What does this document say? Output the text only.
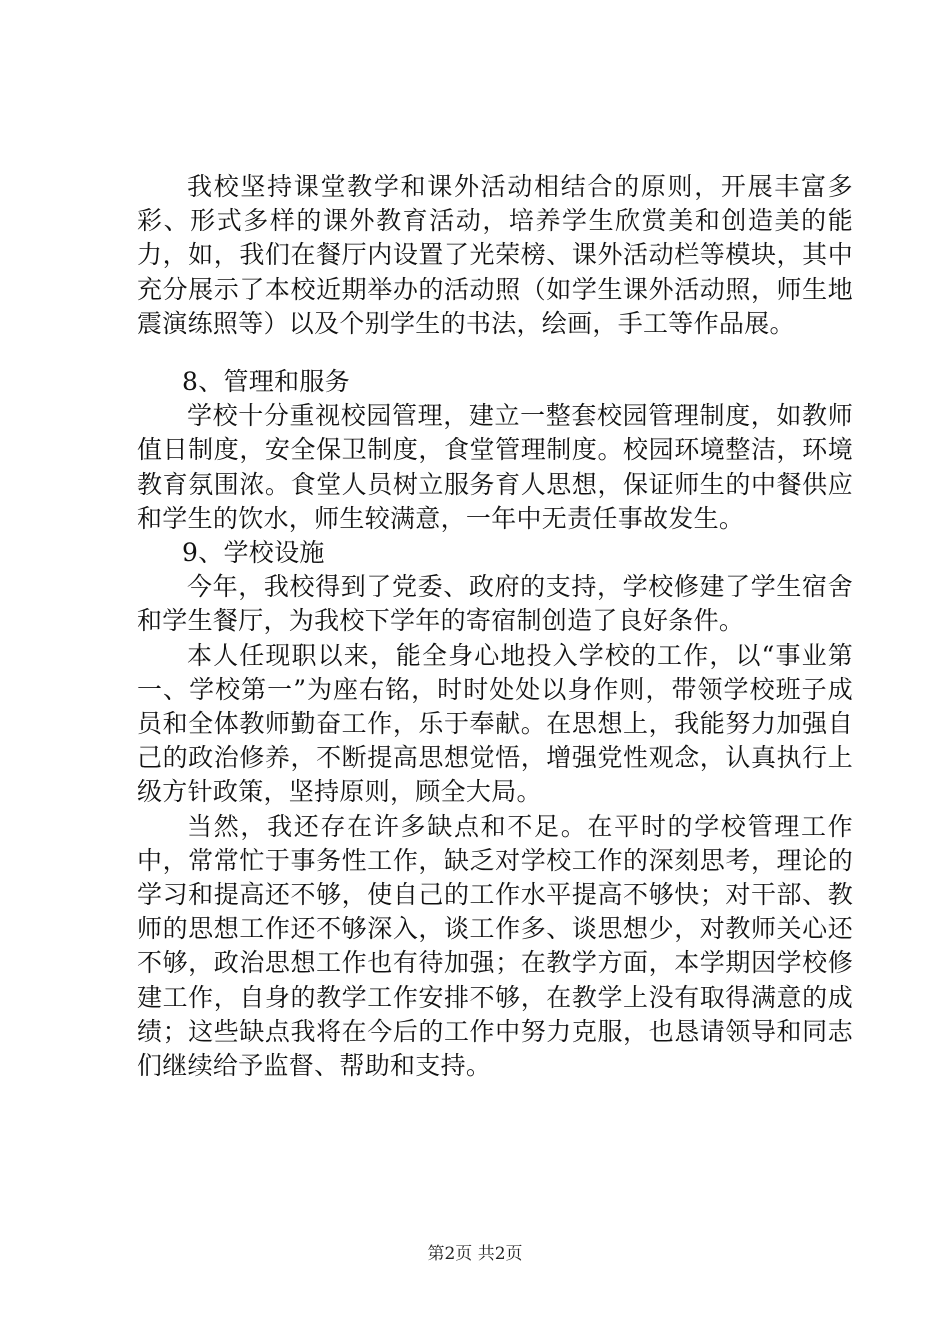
我校坚持课堂教学和课外活动相结合的原则，开展丰富多彩、形式多样的课外教育活动，培养学生欣赏美和创造美的能力，如，我们在餐厅内设置了光荣榜、课外活动栏等模块，其中充分展示了本校近期举办的活动照（如学生课外活动照，师生地震演练照等）以及个别学生的书法，绘画，手工等作品展。

8、管理和服务

学校十分重视校园管理，建立一整套校园管理制度，如教师值日制度，安全保卫制度，食堂管理制度。校园环境整洁，环境教育氛围浓。食堂人员树立服务育人思想，保证师生的中餐供应和学生的饮水，师生较满意，一年中无责任事故发生。

9、学校设施

今年，我校得到了党委、政府的支持，学校修建了学生宿舍和学生餐厅，为我校下学年的寄宿制创造了良好条件。

本人任现职以来，能全身心地投入学校的工作，以“事业第一、学校第一”为座右铭，时时处处以身作则，带领学校班子成员和全体教师勤奋工作，乐于奉献。在思想上，我能努力加强自己的政治修养，不断提高思想觉悟，增强党性观念，认真执行上级方针政策，坚持原则，顾全大局。

当然，我还存在许多缺点和不足。在平时的学校管理工作中，常常忙于事务性工作，缺乏对学校工作的深刻思考，理论的学习和提高还不够，使自己的工作水平提高不够快；对干部、教师的思想工作还不够深入，谈工作多、谈思想少，对教师关心还不够，政治思想工作也有待加强；在教学方面，本学期因学校修建工作，自身的教学工作安排不够，在教学上没有取得满意的成绩；这些缺点我将在今后的工作中努力克服，也恳请领导和同志们继续给予监督、帮助和支持。

第2页 共2页
